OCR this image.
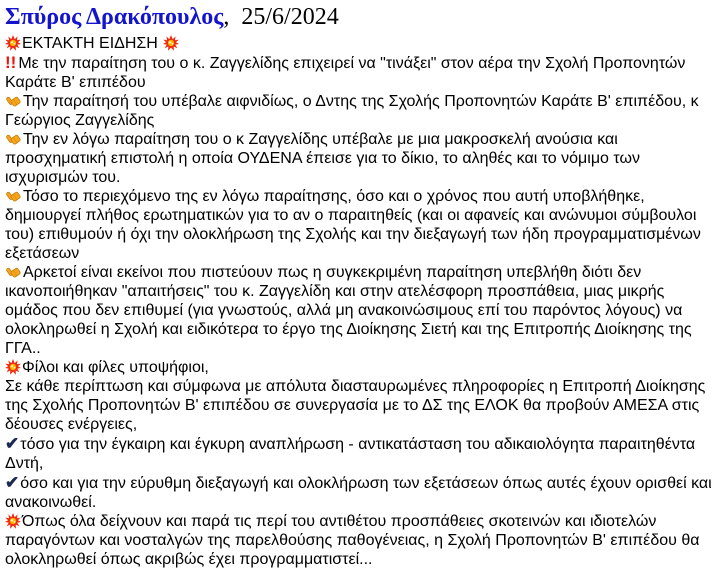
Σπύρος Δρακόπουλος,  25/6/2024
ΕΚΤΑΚΤΗ ΕΙΔΗΣΗ
!! Με την παραίτηση του ο κ. Ζαγγελίδης επιχειρεί να "τινάξει" στον αέρα την Σχολή Προπονητών Καράτε Β' επιπέδου
Την παραίτησή του υπέβαλε αιφνιδίως, ο Δντης της Σχολής Προπονητών Καράτε Β' επιπέδου, κ Γεώργιος Ζαγγελίδης
Την εν λόγω παραίτηση του ο κ Ζαγγελίδης υπέβαλε με μια μακροσκελή ανούσια και προσχηματική επιστολή η οποία ΟΥΔΕΝΑ έπεισε για το δίκιο, το αληθές και το νόμιμο των ισχυρισμών του.
Τόσο το περιεχόμενο της εν λόγω παραίτησης, όσο και ο χρόνος που αυτή υποβλήθηκε, δημιουργεί πλήθος ερωτηματικών για το αν ο παραιτηθείς (και οι αφανείς και ανώνυμοι σύμβουλοι του) επιθυμούν ή όχι την ολοκλήρωση της Σχολής και την διεξαγωγή των ήδη προγραμματισμένων εξετάσεων
Αρκετοί είναι εκείνοι που πιστεύουν πως η συγκεκριμένη παραίτηση υπεβλήθη διότι δεν ικανοποιήθηκαν "απαιτήσεις" του κ. Ζαγγελίδη και στην ατελέσφορη προσπάθεια, μιας μικρής ομάδος που δεν επιθυμεί (για γνωστούς, αλλά μη ανακοινώσιμους επί του παρόντος λόγους) να ολοκληρωθεί η Σχολή και ειδικότερα το έργο της Διοίκησης Σιετή και της Επιτροπής Διοίκησης της ΓΓΑ..
Φίλοι και φίλες υποψήφιοι,
Σε κάθε περίπτωση και σύμφωνα με απόλυτα διασταυρωμένες πληροφορίες η Επιτροπή Διοίκησης της Σχολής Προπονητών Β' επιπέδου σε συνεργασία με το ΔΣ της ΕΛΟΚ θα προβούν ΑΜΕΣΑ στις δέουσες ενέργειες,
✔τόσο για την έγκαιρη και έγκυρη αναπλήρωση - αντικατάσταση του αδικαιολόγητα παραιτηθέντα Δντή,
✔όσο και για την εύρυθμη διεξαγωγή και ολοκλήρωση των εξετάσεων όπως αυτές έχουν ορισθεί και ανακοινωθεί.
Όπως όλα δείχνουν και παρά τις περί του αντιθέτου προσπάθειες σκοτεινών και ιδιοτελών παραγόντων και νοσταλγών της παρελθούσης παθογένειας, η Σχολή Προπονητών Β' επιπέδου θα ολοκληρωθεί όπως ακριβώς έχει προγραμματιστεί...
